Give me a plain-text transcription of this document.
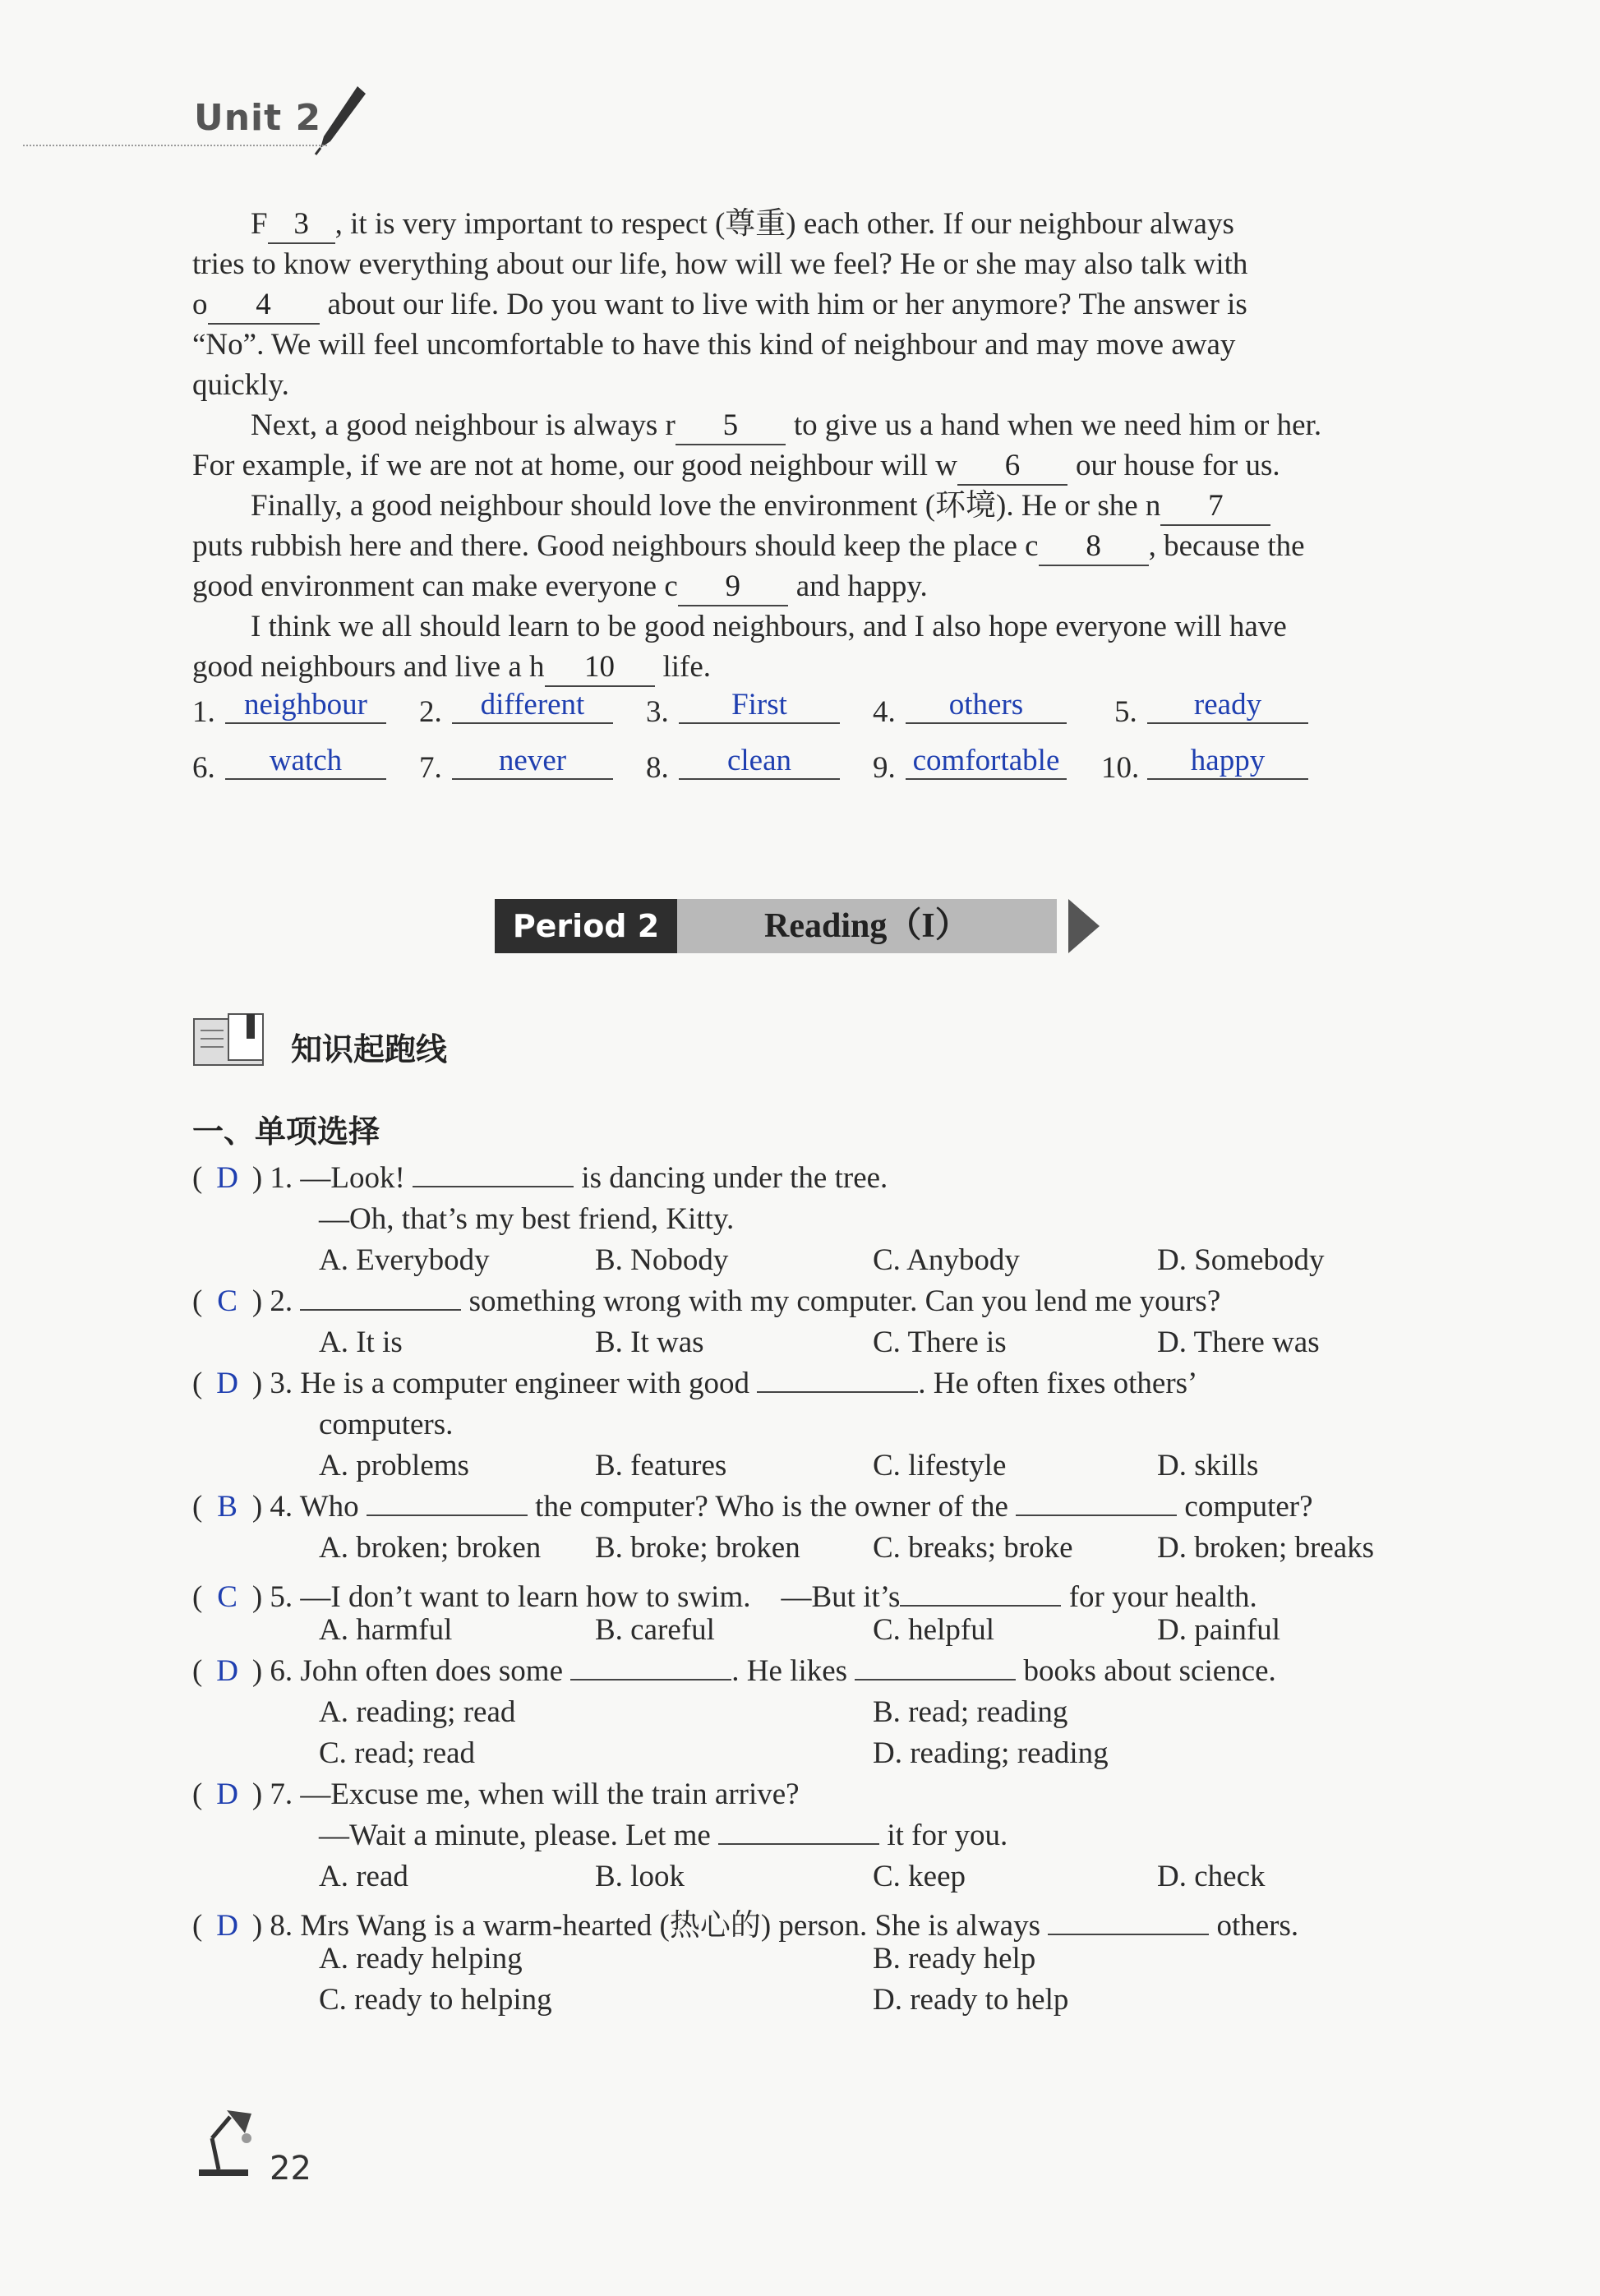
Unit 2
F 3 , it is very important to respect (尊重) each other. If our neighbour always
tries to know everything about our life, how will we feel? He or she may also talk with
o 4 about our life. Do you want to live with him or her anymore? The answer is
“No”. We will feel uncomfortable to have this kind of neighbour and may move away
quickly.
Next, a good neighbour is always r 5 to give us a hand when we need him or her.
For example, if we are not at home, our good neighbour will w 6 our house for us.
Finally, a good neighbour should love the environment (环境). He or she n 7
puts rubbish here and there. Good neighbours should keep the place c 8 , because the
good environment can make everyone c 9 and happy.
I think we all should learn to be good neighbours, and I also hope everyone will have
good neighbours and live a h 10 life.
1. neighbour	2.	different	3.	First	4.	others	5.	ready
6.	watch	7.	never	8.	clean	9. comfortable 10.	happy
Period 2	Reading（I）
知识起跑线
一、单项选择
( D ) 1. —Look!	is dancing under the tree.
—Oh, that’s my best friend, Kitty.
A. Everybody	B. Nobody	C. Anybody	D. Somebody
( C ) 2.	something wrong with my computer. Can you lend me yours?
A. It is	B. It was	C. There is	D. There was
( D ) 3. He is a computer engineer with good	. He often fixes others’
computers.
A. problems	B. features	C. lifestyle	D. skills
( B ) 4. Who	the computer? Who is the owner of the	computer?
A. broken; broken B. broke; broken C. breaks; broke	D. broken; breaks
( C ) 5. —I don’t want to learn how to swim.　—But it’s	for your health.
A. harmful	B. careful	C. helpful	D. painful
( D ) 6. John often does some	. He likes	books about science.
A. reading; read	B. read; reading
C. read; read	D. reading; reading
( D ) 7. —Excuse me, when will the train arrive?
—Wait a minute, please. Let me	it for you.
A. read	B. look	C. keep	D. check
( D ) 8. Mrs Wang is a warm-hearted (热心的) person. She is always	others.
A. ready helping	B. ready help
C. ready to helping	D. ready to help
22
